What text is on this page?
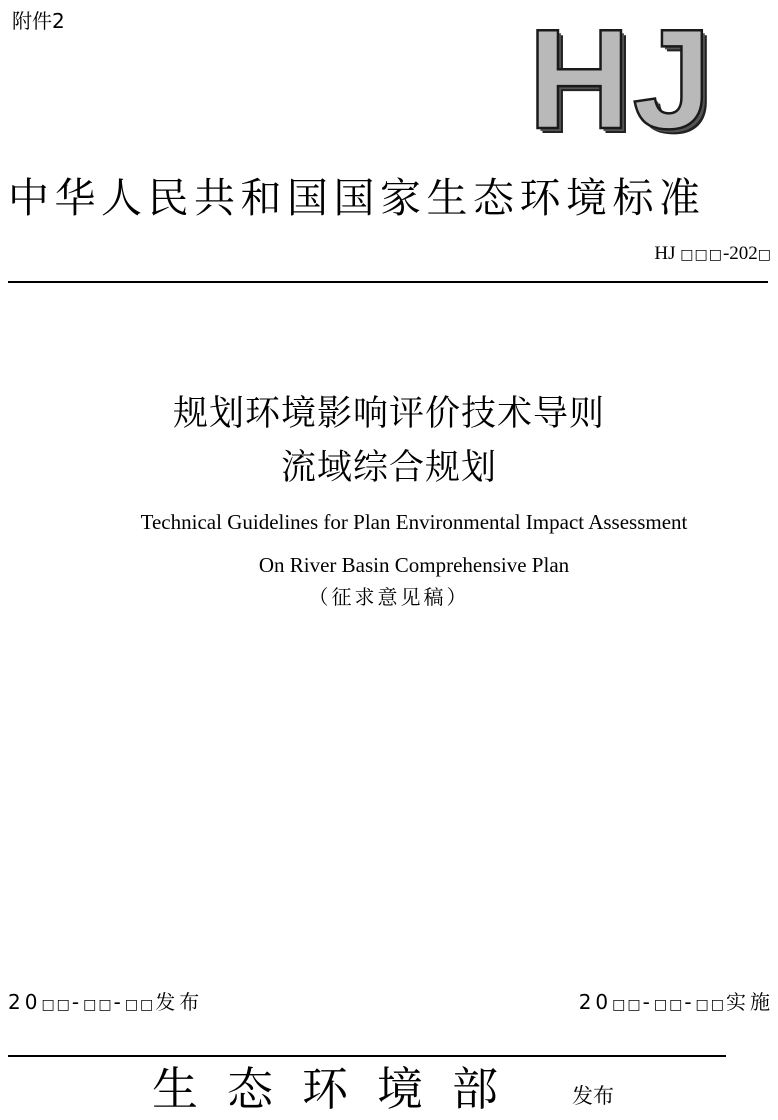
附件2	HJ
中华人民共和国国家生态环境标准
HJ □□□-202□
规划环境影响评价技术导则
流域综合规划
Technical Guidelines for Plan Environmental Impact Assessment
On River Basin Comprehensive Plan
（征求意见稿）
20□□-□□-□□发布	20□□-□□-□□实施
生态环境部 发布
